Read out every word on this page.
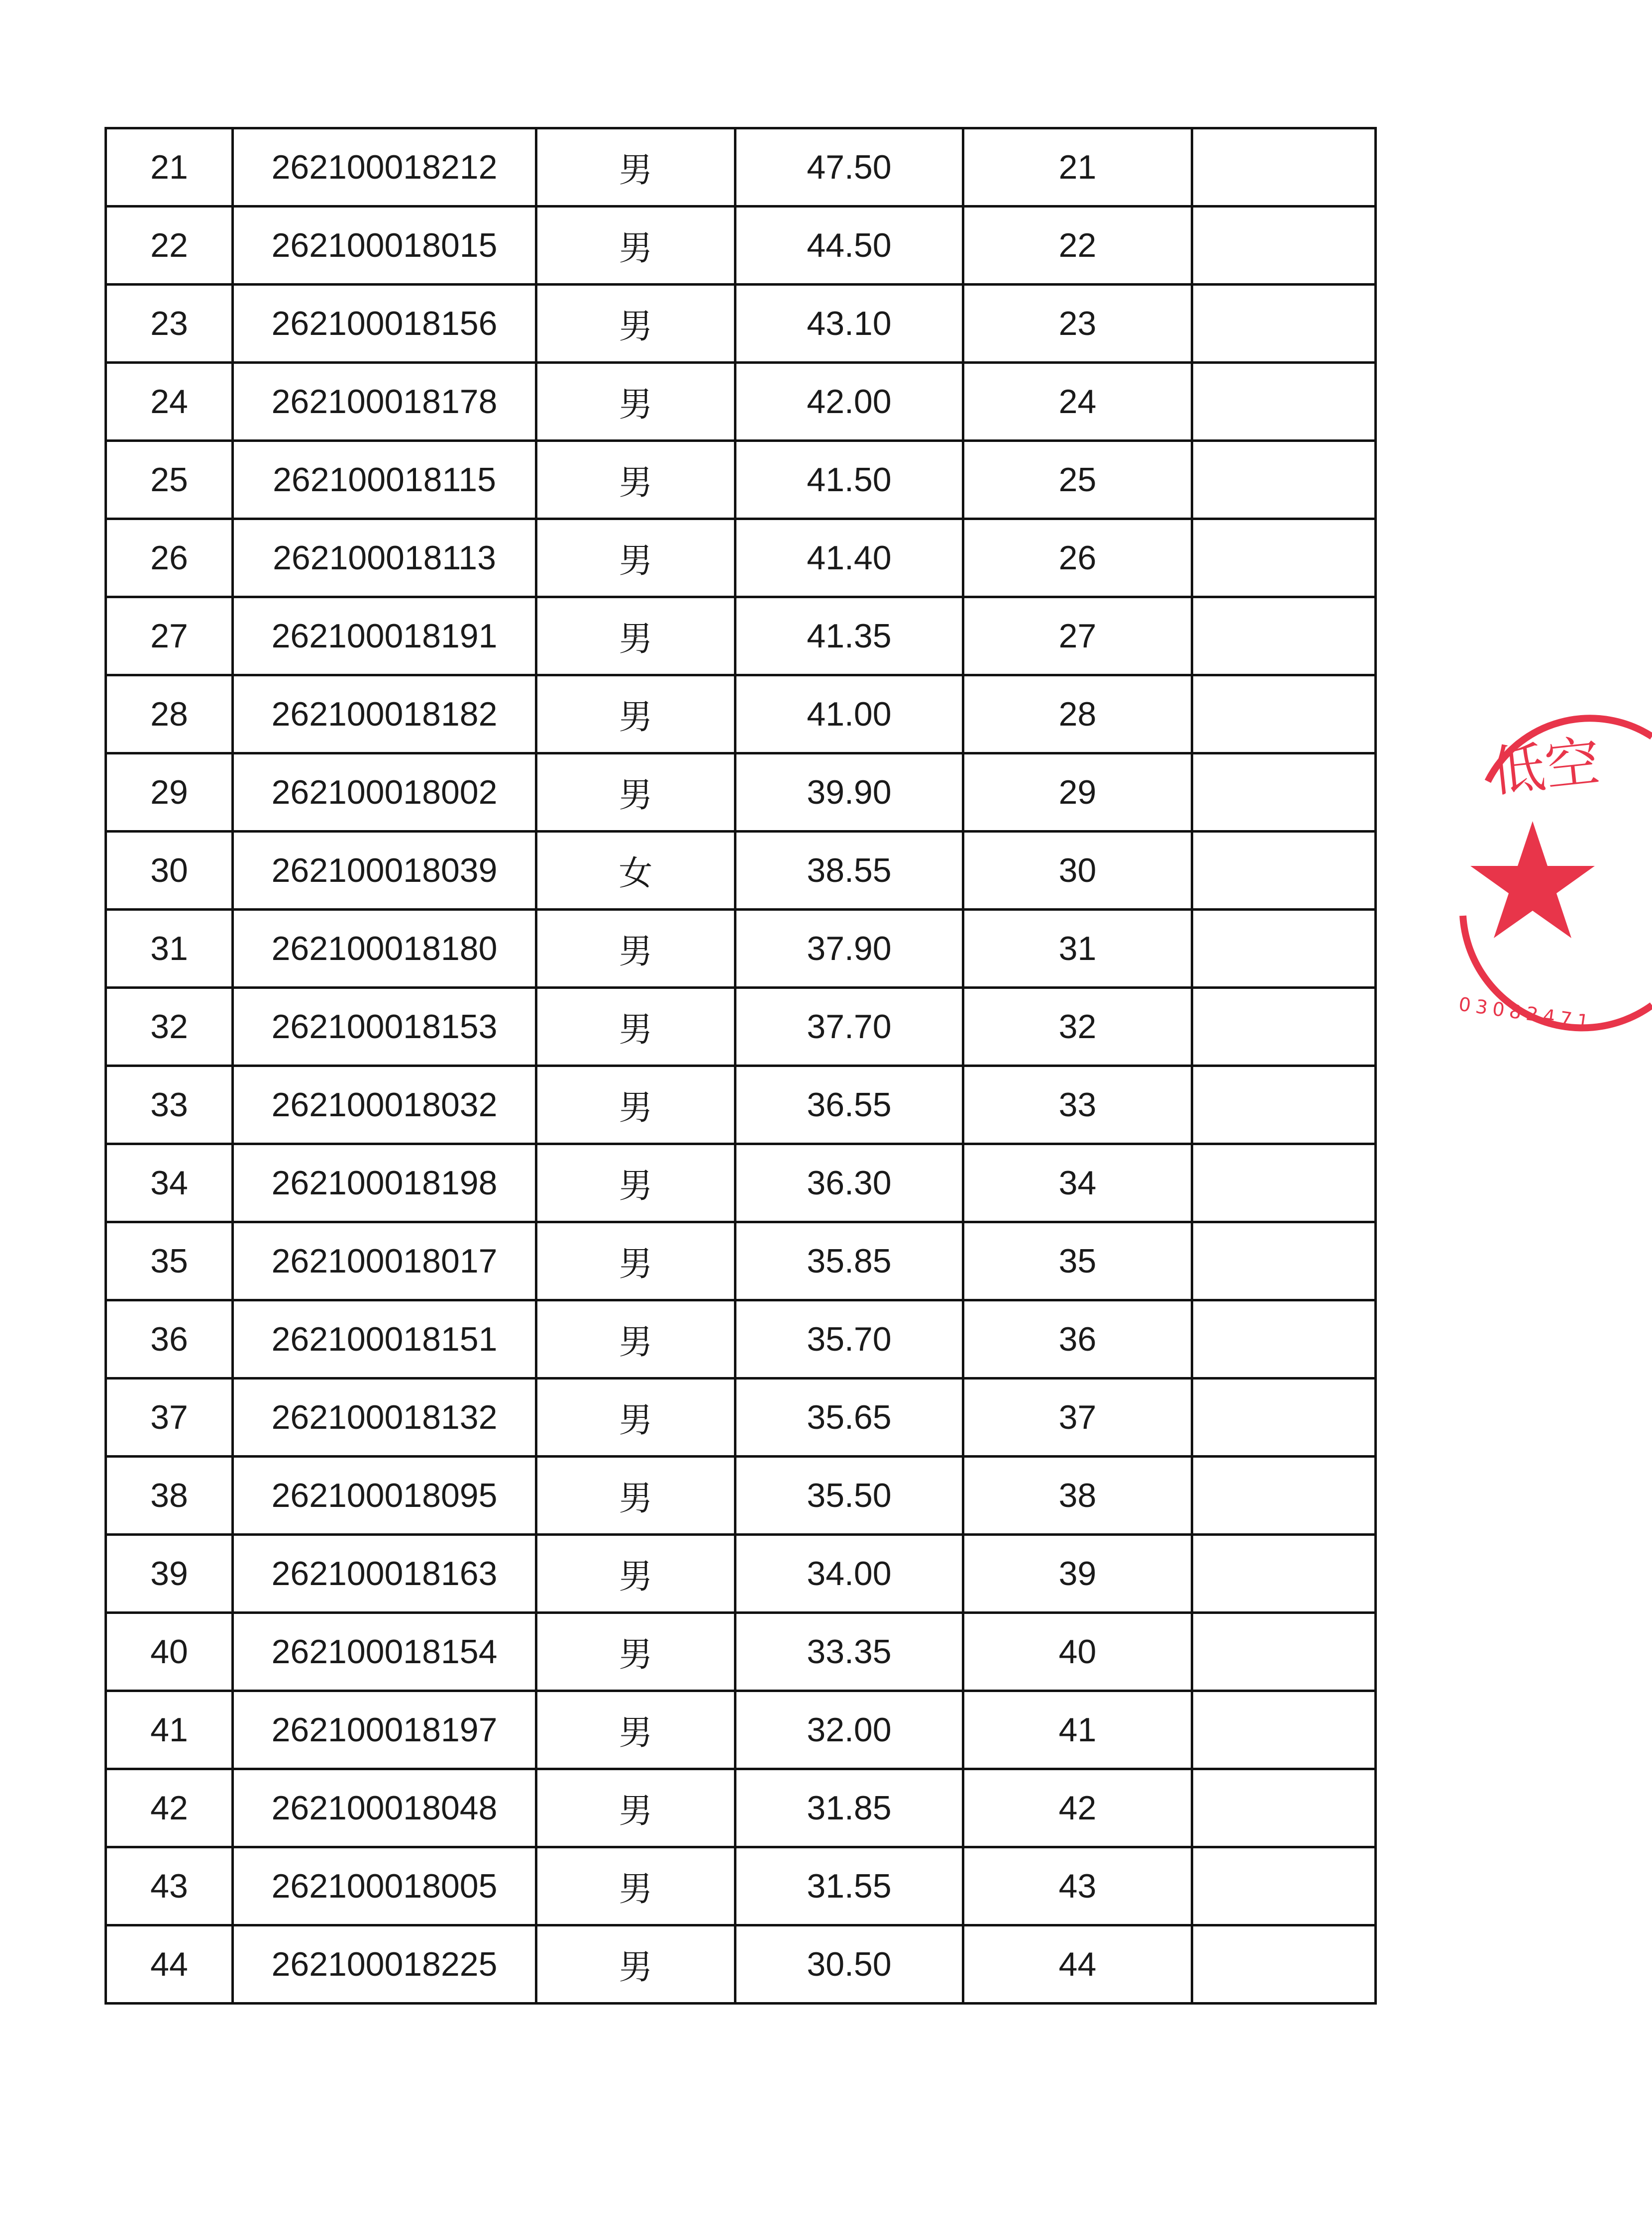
21	262100018212	男	47.50	21	
22	262100018015	男	44.50	22	
23	262100018156	男	43.10	23	
24	262100018178	男	42.00	24	
25	262100018115	男	41.50	25	
26	262100018113	男	41.40	26	
27	262100018191	男	41.35	27	
28	262100018182	男	41.00	28	
29	262100018002	男	39.90	29	
30	262100018039	女	38.55	30	
31	262100018180	男	37.90	31	
32	262100018153	男	37.70	32	
33	262100018032	男	36.55	33	
34	262100018198	男	36.30	34	
35	262100018017	男	35.85	35	
36	262100018151	男	35.70	36	
37	262100018132	男	35.65	37	
38	262100018095	男	35.50	38	
39	262100018163	男	34.00	39	
40	262100018154	男	33.35	40	
41	262100018197	男	32.00	41	
42	262100018048	男	31.85	42	
43	262100018005	男	31.55	43	
44	262100018225	男	30.50	44	
低空
03082471
